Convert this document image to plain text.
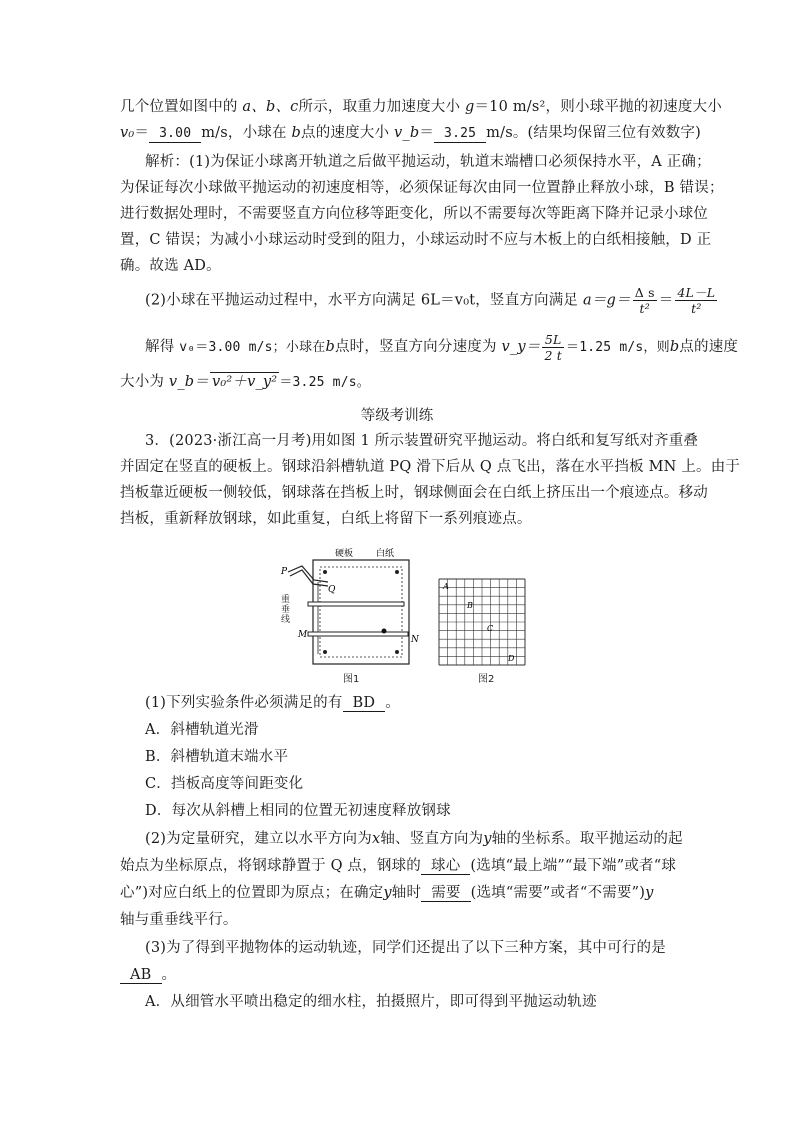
几个位置如图中的 a、b、c所示，取重力加速度大小 g＝10 m/s²，则小球平抛的初速度大小
v₀＝ 3.00 m/s，小球在 b点的速度大小 v_b＝ 3.25 m/s。(结果均保留三位有效数字)
解析：(1)为保证小球离开轨道之后做平抛运动，轨道末端槽口必须保持水平，A 正确；
为保证每次小球做平抛运动的初速度相等，必须保证每次由同一位置静止释放小球，B 错误；
进行数据处理时，不需要竖直方向位移等距变化，所以不需要每次等距离下降并记录小球位
置，C 错误；为减小小球运动时受到的阻力，小球运动时不应与木板上的白纸相接触，D 正
确。故选 AD。
(2)小球在平抛运动过程中，水平方向满足 6L＝v₀t，竖直方向满足 $a=g= \frac{\text{Δ s}}{\text{t²}} = \frac{4L-L}{\text{t²}}$
解得 v₀＝3.00 m/s；小球在b点时，竖直方向分速度为 v_y＝ $\frac{5L}{2 t} =1.25$ m/s，则b点的速度
大小为 v_b＝ v₀²＋v_y² ＝3.25 m/s。
等级考训练
3．(2023·浙江高一月考)用如图 1 所示装置研究平抛运动。将白纸和复写纸对齐重叠
并固定在竖直的硬板上。钢球沿斜槽轨道 PQ 滑下后从 Q 点飞出，落在水平挡板 MN 上。由于
挡板靠近硬板一侧较低，钢球落在挡板上时，钢球侧面会在白纸上挤压出一个痕迹点。移动
挡板，重新释放钢球，如此重复，白纸上将留下一系列痕迹点。
硬板	白纸
P
Q
M	N
重垂线
图1
A
B
C
D
图2
(1)下列实验条件必须满足的有 BD 。
A．斜槽轨道光滑
B．斜槽轨道末端水平
C．挡板高度等间距变化
D．每次从斜槽上相同的位置无初速度释放钢球
(2)为定量研究，建立以水平方向为x轴、竖直方向为y轴的坐标系。取平抛运动的起
始点为坐标原点，将钢球静置于 Q 点，钢球的 球心 (选填“最上端”“最下端”或者“球
心”)对应白纸上的位置即为原点；在确定y轴时 需要 (选填“需要”或者“不需要”)y
轴与重垂线平行。
(3)为了得到平抛物体的运动轨迹，同学们还提出了以下三种方案，其中可行的是
AB 。
A．从细管水平喷出稳定的细水柱，拍摄照片，即可得到平抛运动轨迹
